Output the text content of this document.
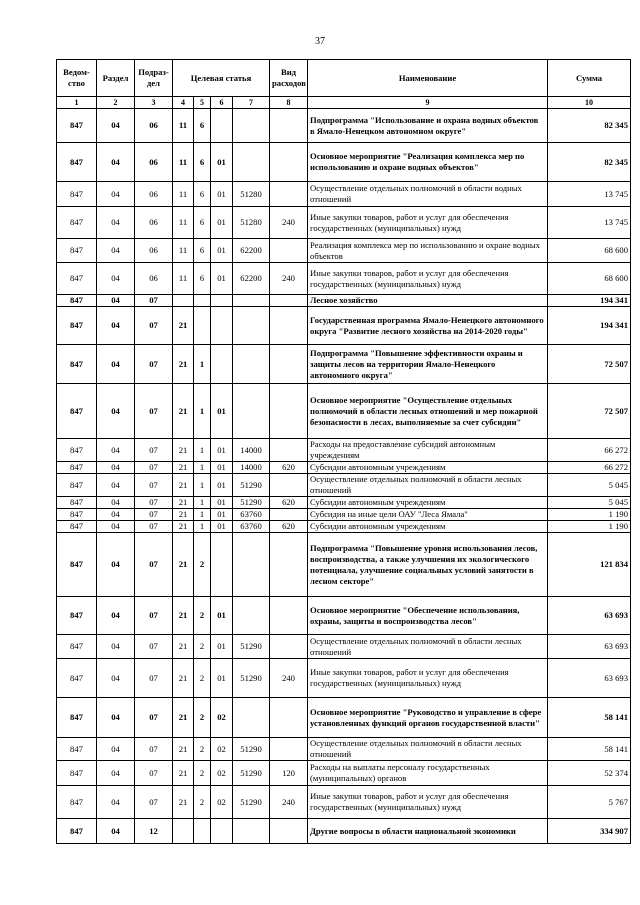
37
Ведом-ство	Раздел	Подраз-дел	Целевая статья				Вид расходов	Наименование	Сумма
1	2	3	4	5	6	7	8	9	10
847	04	06	11	6				Подпрограмма "Использование и охрана водных объектов в Ямало-Ненецком автономном округе"	82 345
847	04	06	11	6	01			Основное мероприятие "Реализация комплекса мер по использованию и охране водных объектов"	82 345
847	04	06	11	6	01	51280		Осуществление отдельных полномочий в области водных отношений	13 745
847	04	06	11	6	01	51280	240	Иные закупки товаров, работ и услуг для обеспечения государственных (муниципальных) нужд	13 745
847	04	06	11	6	01	62200		Реализация комплекса мер по использованию и охране водных объектов	68 600
847	04	06	11	6	01	62200	240	Иные закупки товаров, работ и услуг для обеспечения государственных (муниципальных) нужд	68 600
847	04	07						Лесное хозяйство	194 341
847	04	07	21					Государственная программа Ямало-Ненецкого автономного округа "Развитие лесного хозяйства на 2014-2020 годы"	194 341
847	04	07	21	1				Подпрограмма "Повышение эффективности охраны и защиты лесов на территории Ямало-Ненецкого автономного округа"	72 507
847	04	07	21	1	01			Основное мероприятие "Осуществление отдельных полномочий в области лесных отношений и мер пожарной безопасности в лесах, выполняемые за счет субсидии"	72 507
847	04	07	21	1	01	14000		Расходы на предоставление субсидий автономным учреждениям	66 272
847	04	07	21	1	01	14000	620	Субсидии автономным учреждениям	66 272
847	04	07	21	1	01	51290		Осуществление отдельных полномочий в области лесных отношений	5 045
847	04	07	21	1	01	51290	620	Субсидии автономным учреждениям	5 045
847	04	07	21	1	01	63760		Субсидия на иные цели ОАУ "Леса Ямала"	1 190
847	04	07	21	1	01	63760	620	Субсидии автономным учреждениям	1 190
847	04	07	21	2				Подпрограмма "Повышение уровня использования лесов, воспроизводства, а также улучшения их экологического потенциала, улучшение социальных условий занятости в лесном секторе"	121 834
847	04	07	21	2	01			Основное мероприятие "Обеспечение использования, охраны, защиты и воспроизводства лесов"	63 693
847	04	07	21	2	01	51290		Осуществление отдельных полномочий в области лесных отношений	63 693
847	04	07	21	2	01	51290	240	Иные закупки товаров, работ и услуг для обеспечения государственных (муниципальных) нужд	63 693
847	04	07	21	2	02			Основное мероприятие "Руководство и управление в сфере установленных функций органов государственной власти"	58 141
847	04	07	21	2	02	51290		Осуществление отдельных полномочий в области лесных отношений	58 141
847	04	07	21	2	02	51290	120	Расходы на выплаты персоналу государственных (муниципальных) органов	52 374
847	04	07	21	2	02	51290	240	Иные закупки товаров, работ и услуг для обеспечения государственных (муниципальных) нужд	5 767
847	04	12						Другие вопросы в области национальной экономики	334 907
